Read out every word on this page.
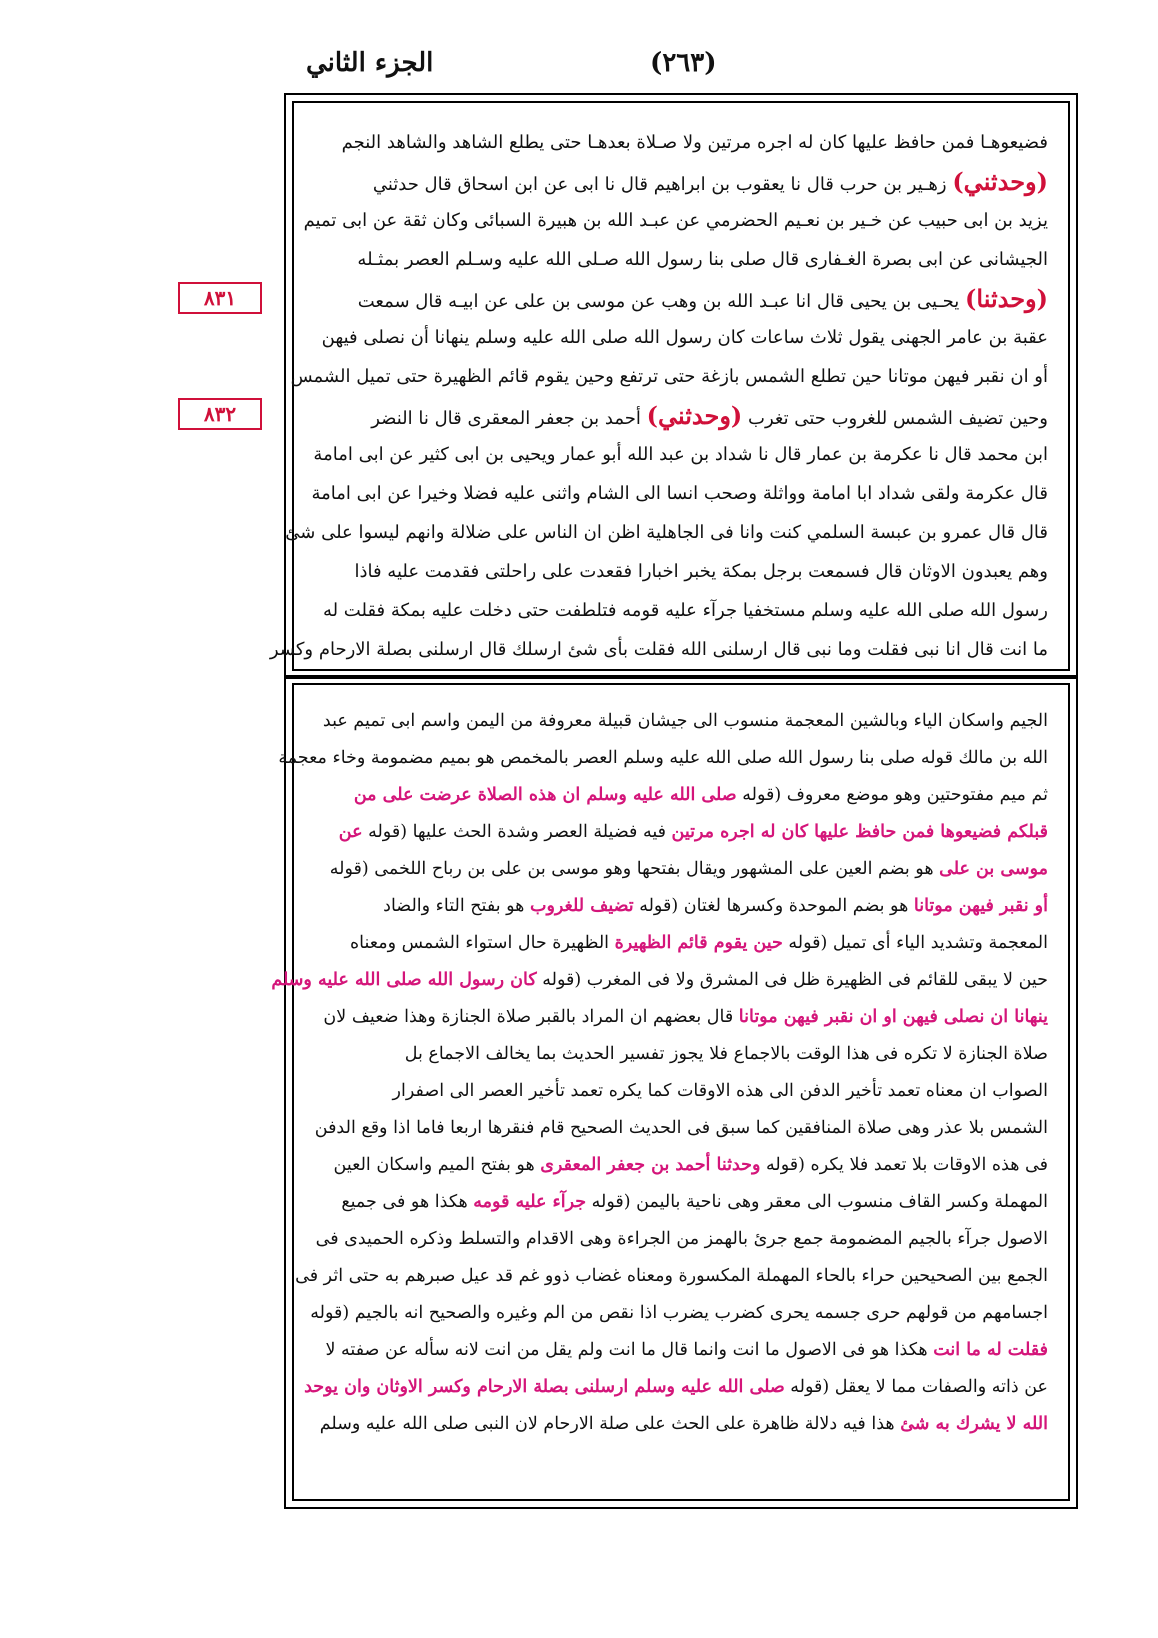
الجزء الثاني	(٢٦٣)
٨٣١
٨٣٢
فضيعوهـا فمن حافظ عليها كان له اجره مرتين ولا صـلاة بعدهـا حتى يطلع الشاهد والشاهد النجم
(وحدثني) زهـير بن حرب قال نا يعقوب بن ابراهيم قال نا ابى عن ابن اسحاق قال حدثني
يزيد بن ابى حبيب عن خـير بن نعـيم الحضرمي عن عبـد الله بن هبيرة السبائى وكان ثقة عن ابى تميم
الجيشانى عن ابى بصرة الغـفارى قال صلى بنا رسول الله صـلى الله عليه وسـلم العصر بمثـله
(وحدثنا) يحـيى بن يحيى قال انا عبـد الله بن وهب عن موسى بن على عن ابيـه قال سمعت
عقبة بن عامر الجهنى يقول ثلاث ساعات كان رسول الله صلى الله عليه وسلم ينهانا أن نصلى فيهن
أو ان نقبر فيهن موتانا حين تطلع الشمس بازغة حتى ترتفع وحين يقوم قائم الظهيرة حتى تميل الشمس
وحين تضيف الشمس للغروب حتى تغرب (وحدثني) أحمد بن جعفر المعقرى قال نا النضر
ابن محمد قال نا عكرمة بن عمار قال نا شداد بن عبد الله أبو عمار ويحيى بن ابى كثير عن ابى امامة
قال عكرمة ولقى شداد ابا امامة وواثلة وصحب انسا الى الشام واثنى عليه فضلا وخيرا عن ابى امامة
قال قال عمرو بن عبسة السلمي كنت وانا فى الجاهلية اظن ان الناس على ضلالة وانهم ليسوا على شئ
وهم يعبدون الاوثان قال فسمعت برجل بمكة يخبر اخبارا فقعدت على راحلتى فقدمت عليه فاذا
رسول الله صلى الله عليه وسلم مستخفيا جرآء عليه قومه فتلطفت حتى دخلت عليه بمكة فقلت له
ما انت قال انا نبى فقلت وما نبى قال ارسلنى الله فقلت بأى شئ ارسلك قال ارسلنى بصلة الارحام وكسر
الجيم واسكان الياء وبالشين المعجمة منسوب الى جيشان قبيلة معروفة من اليمن واسم ابى تميم عبد
الله بن مالك قوله صلى بنا رسول الله صلى الله عليه وسلم العصر بالمخمص هو بميم مضمومة وخاء معجمة
ثم ميم مفتوحتين وهو موضع معروف (قوله صلى الله عليه وسلم ان هذه الصلاة عرضت على من
قبلكم فضيعوها فمن حافظ عليها كان له اجره مرتين فيه فضيلة العصر وشدة الحث عليها (قوله عن
موسى بن على هو بضم العين على المشهور ويقال بفتحها وهو موسى بن على بن رباح اللخمى (قوله
أو نقبر فيهن موتانا هو بضم الموحدة وكسرها لغتان (قوله تضيف للغروب هو بفتح التاء والضاد
المعجمة وتشديد الياء أى تميل (قوله حين يقوم قائم الظهيرة الظهيرة حال استواء الشمس ومعناه
حين لا يبقى للقائم فى الظهيرة ظل فى المشرق ولا فى المغرب (قوله كان رسول الله صلى الله عليه وسلم
ينهانا ان نصلى فيهن او ان نقبر فيهن موتانا قال بعضهم ان المراد بالقبر صلاة الجنازة وهذا ضعيف لان
صلاة الجنازة لا تكره فى هذا الوقت بالاجماع فلا يجوز تفسير الحديث بما يخالف الاجماع بل
الصواب ان معناه تعمد تأخير الدفن الى هذه الاوقات كما يكره تعمد تأخير العصر الى اصفرار
الشمس بلا عذر وهى صلاة المنافقين كما سبق فى الحديث الصحيح قام فنقرها اربعا فاما اذا وقع الدفن
فى هذه الاوقات بلا تعمد فلا يكره (قوله وحدثنا أحمد بن جعفر المعقرى هو بفتح الميم واسكان العين
المهملة وكسر القاف منسوب الى معقر وهى ناحية باليمن (قوله جرآء عليه قومه هكذا هو فى جميع
الاصول جرآء بالجيم المضمومة جمع جرئ بالهمز من الجراءة وهى الاقدام والتسلط وذكره الحميدى فى
الجمع بين الصحيحين حراء بالحاء المهملة المكسورة ومعناه غضاب ذوو غم قد عيل صبرهم به حتى اثر فى
اجسامهم من قولهم حرى جسمه يحرى كضرب يضرب اذا نقص من الم وغيره والصحيح انه بالجيم (قوله
فقلت له ما انت هكذا هو فى الاصول ما انت وانما قال ما انت ولم يقل من انت لانه سأله عن صفته لا
عن ذاته والصفات مما لا يعقل (قوله صلى الله عليه وسلم ارسلنى بصلة الارحام وكسر الاوثان وان يوحد
الله لا يشرك به شئ هذا فيه دلالة ظاهرة على الحث على صلة الارحام لان النبى صلى الله عليه وسلم
